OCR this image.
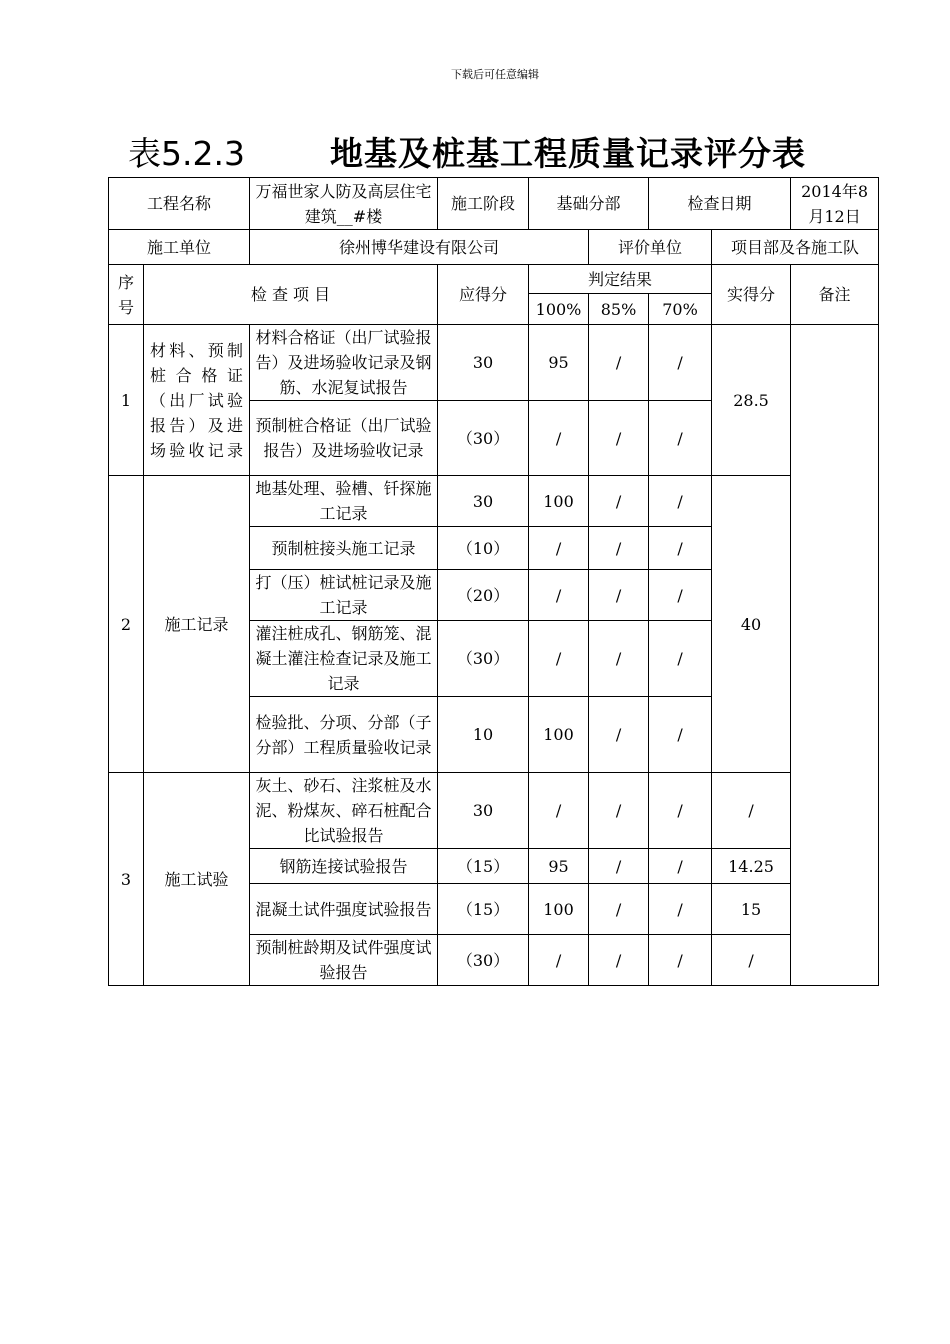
下载后可任意编辑
表5.2.3	地基及桩基工程质量记录评分表
工程名称		万福世家人防及高层住宅建筑__#楼	施工阶段	基础分部		检查日期		2014年8月12日
施工单位		徐州博华建设有限公司			评价单位		项目部及各施工队	
序号	检 查 项 目		应得分	判定结果			实得分	备注
				100%	85%	70%		
1	材料、预制桩合格证（出厂试验报告）及进场验收记录	材料合格证（出厂试验报告）及进场验收记录及钢筋、水泥复试报告	30	95	/	/	28.5	
		预制桩合格证（出厂试验报告）及进场验收记录	（30）	/	/	/		
2	施工记录	地基处理、验槽、钎探施工记录	30	100	/	/	40	
		预制桩接头施工记录	（10）	/	/	/		
		打（压）桩试桩记录及施工记录	（20）	/	/	/		
		灌注桩成孔、钢筋笼、混凝土灌注检查记录及施工记录	（30）	/	/	/		
		检验批、分项、分部（子分部）工程质量验收记录	10	100	/	/		
3	施工试验	灰土、砂石、注浆桩及水泥、粉煤灰、碎石桩配合比试验报告	30	/	/	/	/	
		钢筋连接试验报告	（15）	95	/	/	14.25	
		混凝土试件强度试验报告	（15）	100	/	/	15	
		预制桩龄期及试件强度试验报告	（30）	/	/	/	/	
